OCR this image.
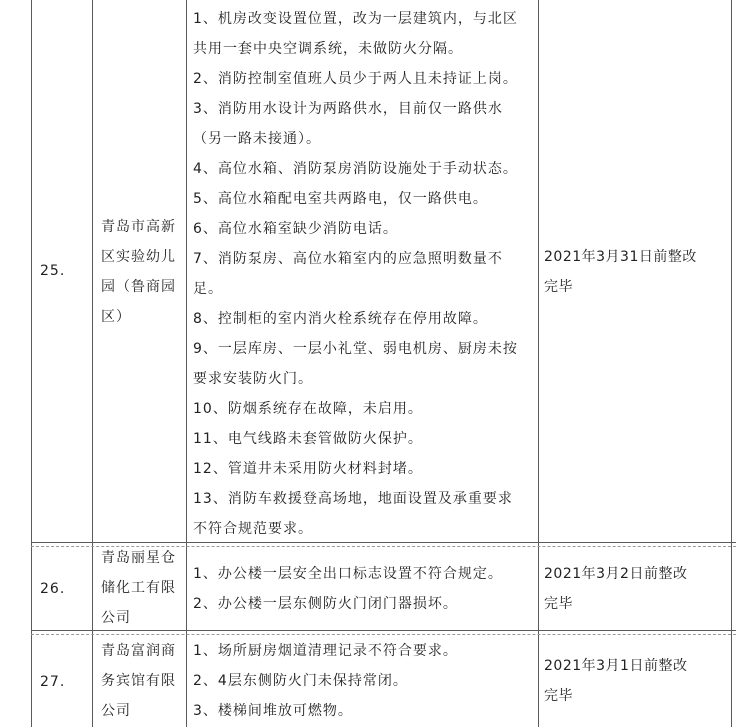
25.
青岛市高新
区实验幼儿
园（鲁商园
区）
1、机房改变设置位置，改为一层建筑内，与北区
共用一套中央空调系统，未做防火分隔。
2、消防控制室值班人员少于两人且未持证上岗。
3、消防用水设计为两路供水，目前仅一路供水
（另一路未接通）。
4、高位水箱、消防泵房消防设施处于手动状态。
5、高位水箱配电室共两路电，仅一路供电。
6、高位水箱室缺少消防电话。
7、消防泵房、高位水箱室内的应急照明数量不
足。
8、控制柜的室内消火栓系统存在停用故障。
9、一层库房、一层小礼堂、弱电机房、厨房未按
要求安装防火门。
10、防烟系统存在故障，未启用。
11、电气线路未套管做防火保护。
12、管道井未采用防火材料封堵。
13、消防车救援登高场地，地面设置及承重要求
不符合规范要求。
2021年3月31日前整改
完毕
26.
青岛丽星仓
储化工有限
公司
1、办公楼一层安全出口标志设置不符合规定。
2、办公楼一层东侧防火门闭门器损坏。
2021年3月2日前整改
完毕
27.
青岛富润商
务宾馆有限
公司
1、场所厨房烟道清理记录不符合要求。
2、4层东侧防火门未保持常闭。
3、楼梯间堆放可燃物。
2021年3月1日前整改
完毕
